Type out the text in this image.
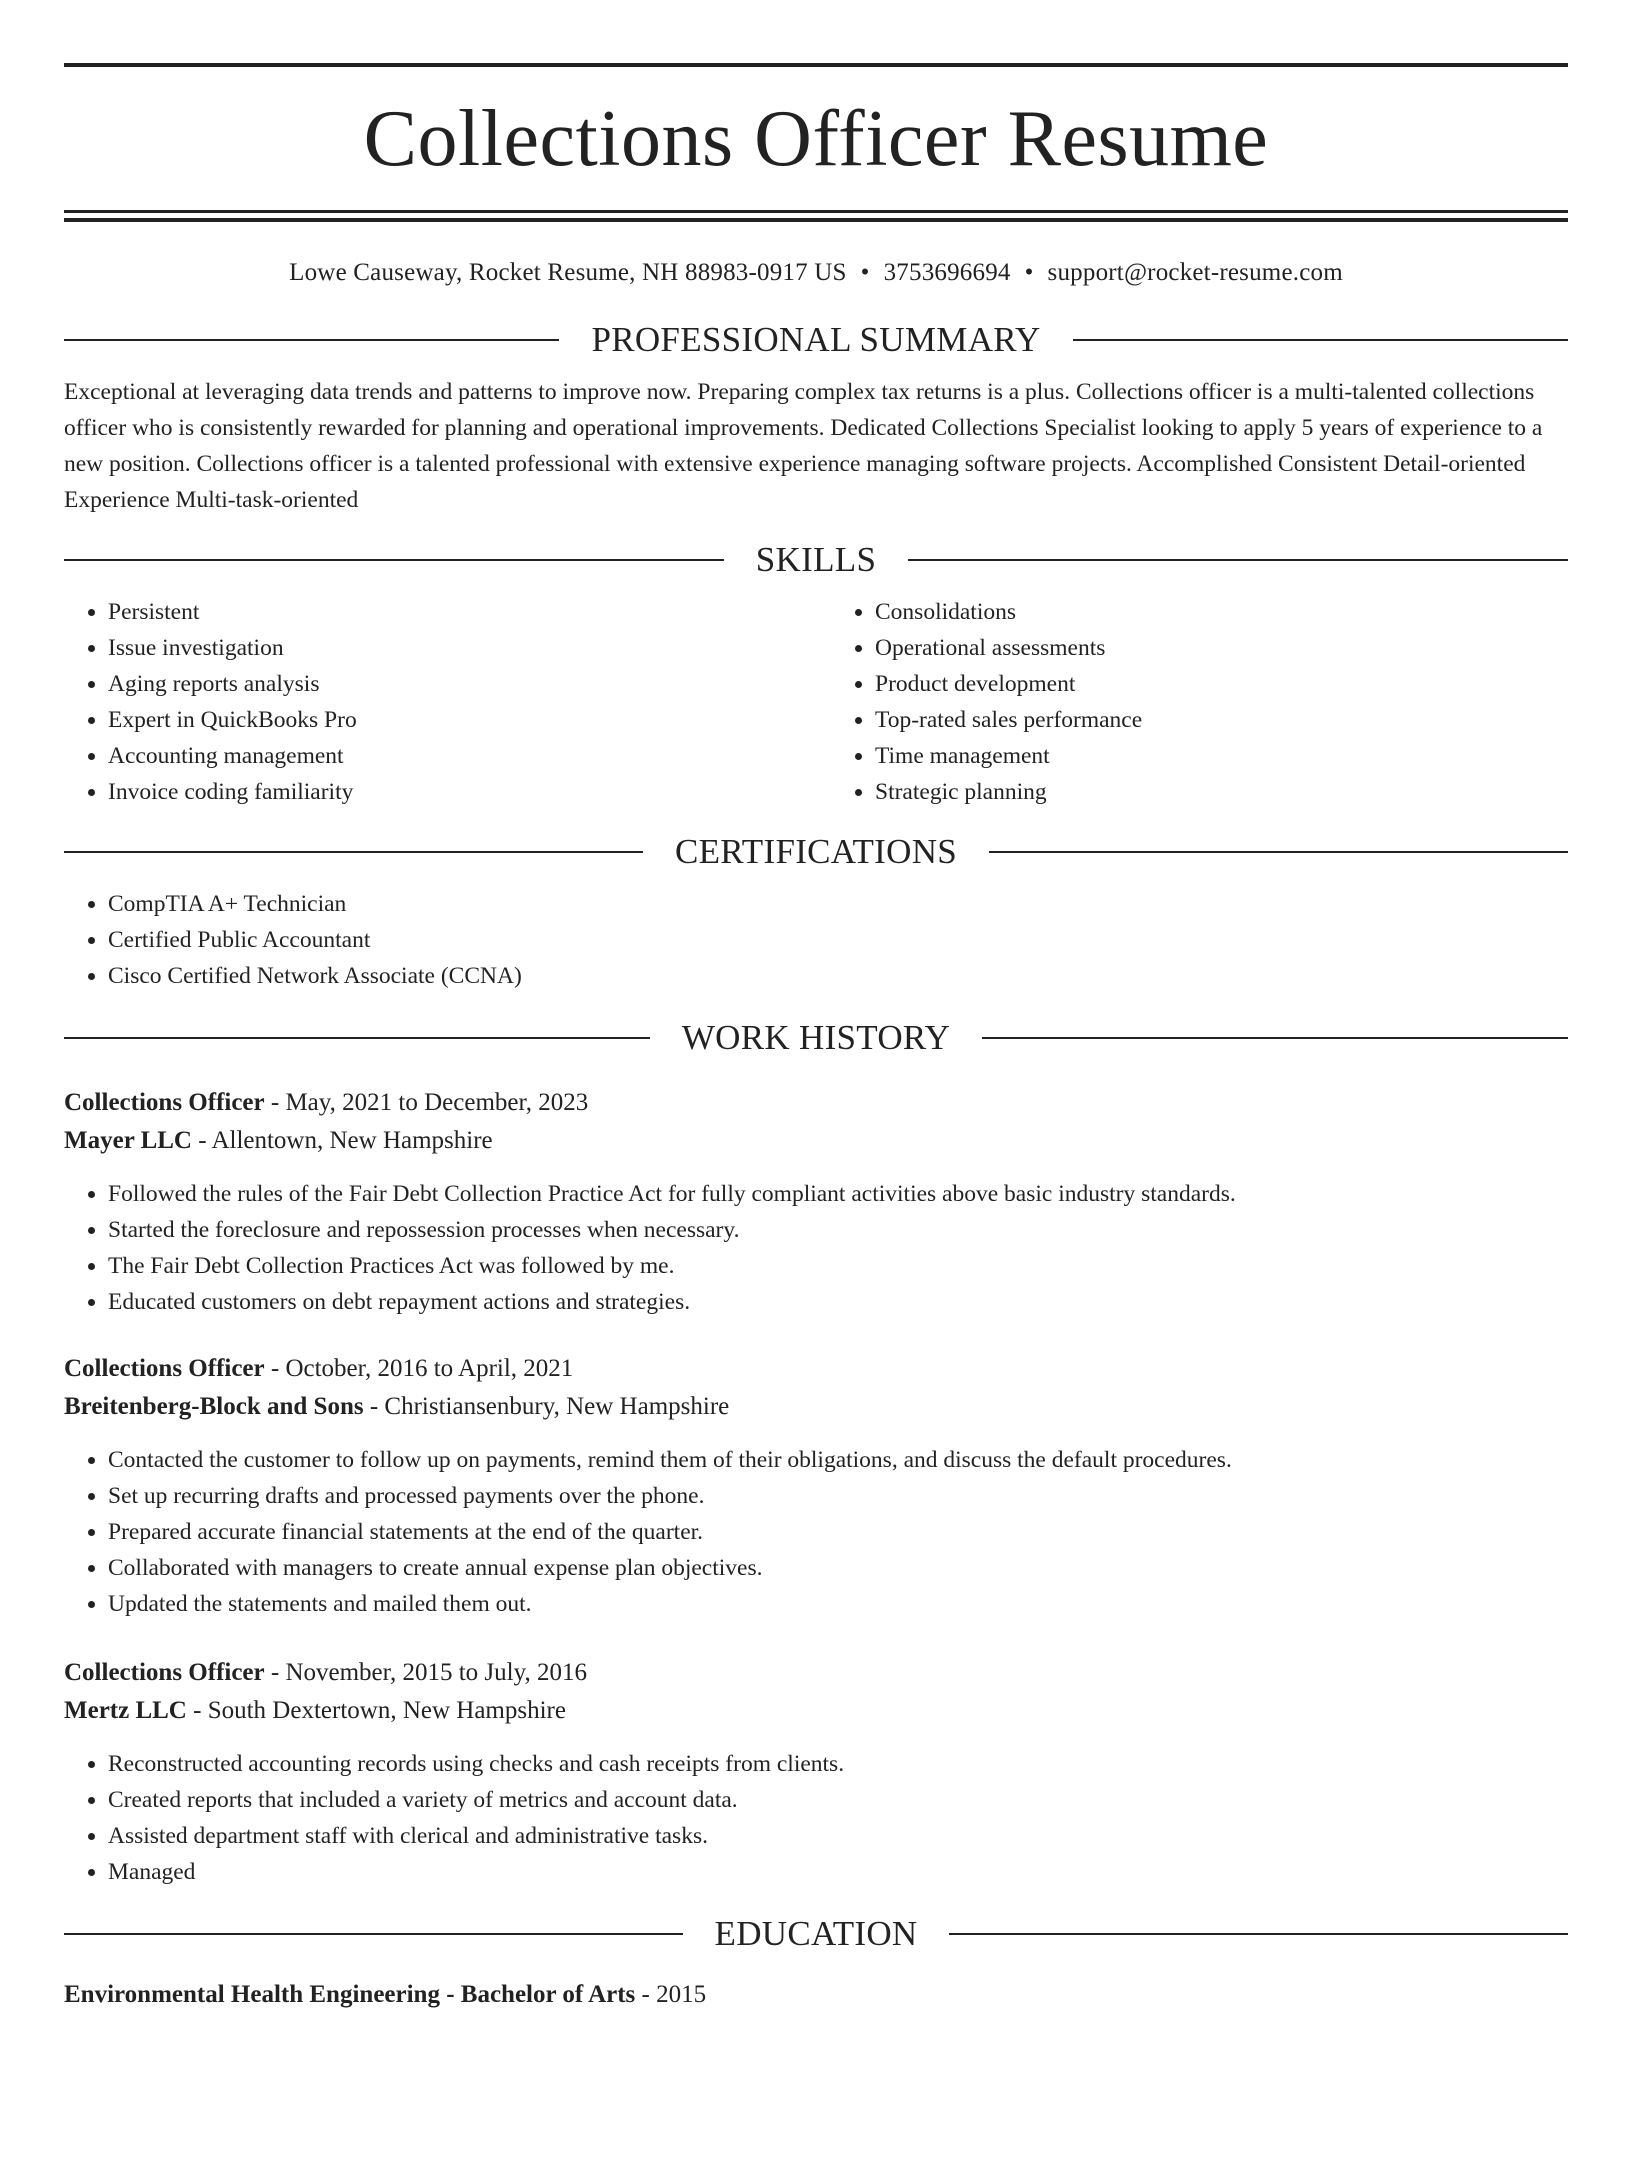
Collections Officer Resume
Lowe Causeway, Rocket Resume, NH 88983-0917 US • 3753696694 • support@rocket-resume.com
PROFESSIONAL SUMMARY

Exceptional at leveraging data trends and patterns to improve now. Preparing complex tax returns is a plus. Collections officer is a multi-talented collections officer who is consistently rewarded for planning and operational improvements. Dedicated Collections Specialist looking to apply 5 years of experience to a new position. Collections officer is a talented professional with extensive experience managing software projects. Accomplished Consistent Detail-oriented Experience Multi-task-oriented

SKILLS
• Persistent
• Issue investigation
• Aging reports analysis
• Expert in QuickBooks Pro
• Accounting management
• Invoice coding familiarity
• Consolidations
• Operational assessments
• Product development
• Top-rated sales performance
• Time management
• Strategic planning
CERTIFICATIONS
• CompTIA A+ Technician
• Certified Public Accountant
• Cisco Certified Network Associate (CCNA)
WORK HISTORY
Collections Officer - May, 2021 to December, 2023
Mayer LLC - Allentown, New Hampshire
• Followed the rules of the Fair Debt Collection Practice Act for fully compliant activities above basic industry standards.
• Started the foreclosure and repossession processes when necessary.
• The Fair Debt Collection Practices Act was followed by me.
• Educated customers on debt repayment actions and strategies.
Collections Officer - October, 2016 to April, 2021
Breitenberg-Block and Sons - Christiansenbury, New Hampshire
• Contacted the customer to follow up on payments, remind them of their obligations, and discuss the default procedures.
• Set up recurring drafts and processed payments over the phone.
• Prepared accurate financial statements at the end of the quarter.
• Collaborated with managers to create annual expense plan objectives.
• Updated the statements and mailed them out.
Collections Officer - November, 2015 to July, 2016
Mertz LLC - South Dextertown, New Hampshire
• Reconstructed accounting records using checks and cash receipts from clients.
• Created reports that included a variety of metrics and account data.
• Assisted department staff with clerical and administrative tasks.
• Managed
EDUCATION
Environmental Health Engineering - Bachelor of Arts - 2015
